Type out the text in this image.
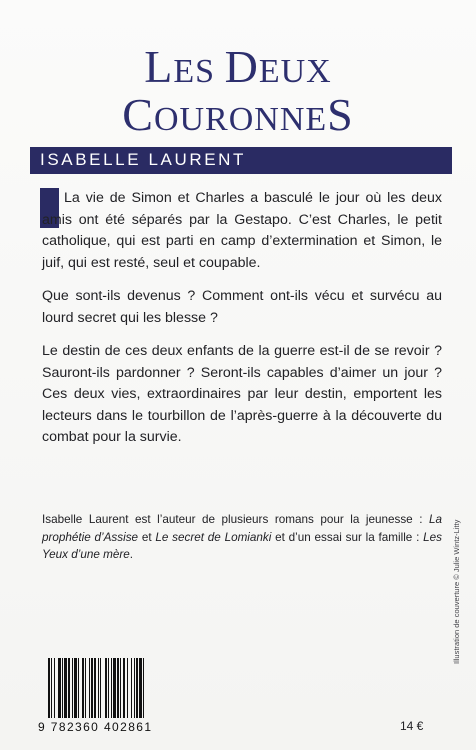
LES DEUX
COURONNES
ISABELLE LAURENT

La vie de Simon et Charles a basculé le jour où les deux amis ont été séparés par la Gestapo. C’est Charles, le petit catholique, qui est parti en camp d’extermination et Simon, le juif, qui est resté, seul et coupable.

Que sont-ils devenus ? Comment ont-ils vécu et survécu au lourd secret qui les blesse ?

Le destin de ces deux enfants de la guerre est-il de se revoir ? Sauront-ils pardonner ? Seront-ils capables d’aimer un jour ? Ces deux vies, extraordinaires par leur destin, emportent les lecteurs dans le tourbillon de l’après-guerre à la découverte du combat pour la survie.

Isabelle Laurent est l’auteur de plusieurs romans pour la jeunesse : La prophétie d’Assise et Le secret de Lomianki et d’un essai sur la famille : Les Yeux d’une mère.	Illustration de couverture © Julie Wintz-Litty
9 782360 402861	14 €
